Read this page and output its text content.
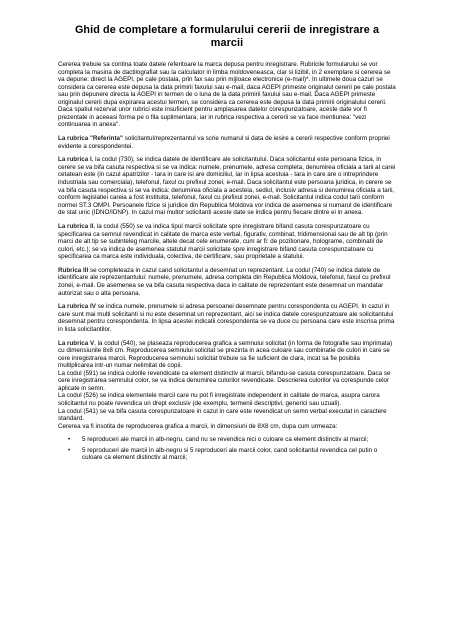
Ghid de completare a formularului cererii de inregistrare a
marcii

Cererea trebuie sa contina toate datele referitoare la marca depusa pentru inregistrare. Rubricile formularului se vor completa la masina de dactilografiat sau la calculator in limba moldoveneasca, clar si lizibil, in 2 exemplare si cererea se va depune: direct la AGEPI, pe cale postala, prin fax sau prin mijloace electronice (e-mail)*. In ultimele doua cazuri se considera ca cererea este depusa la data primirii faxului sau e-mail, daca AGEPI primeste originalul cererii pe cale postala sau prin depunere directa la AGEPI in termen de o luna de la data primirii faxului sau e-mail. Daca AGEPI primeste originalul cererii dupa expirarea acestui termen, se considera ca cererea este depusa la data primirii originalului cererii.
Daca spatiul rezervat unor rubrici este insuficient pentru amplasarea datelor corespunzatoare, aceste date vor fi prezentate in aceeasi forma pe o fila suplimentara, iar in rubrica respectiva a cererii se va face mentiunea: "vezi continuarea in anexa".

La rubrica "Referinta" solicitantul/reprezentantul va scrie numarul si data de iesire a cererii respective conform propriei evidente a corespondentei.

La rubrica I, la codul (730), se indica datele de identificare ale solicitantului. Daca solicitantul este persoana fizica, in cerere se va bifa casuta respectiva si se va indica: numele, prenumele, adresa completa, denumirea oficiala a tarii al carei cetatean este (in cazul apatrizilor - tara in care isi are domiciliul, iar in lipsa acestuia - tara in care are o intreprindere industriala sau comerciala), telefonul, faxul cu prefixul zonei, e-mail. Daca solicitantul este persoana juridica, in cerere se va bifa casuta respectiva si se va indica: denumirea oficiala a acesteia, sediul, inclusiv adresa si denumirea oficiala a tarii, conform legislatiei careia a fost instituita, telefonul, faxul cu prefixul zonei, e-mail. Solicitantul indica codul tarii conform normei ST.3 OMPI. Persoanele fizice si juridice din Republica Moldova vor indica de asemenea si numarul de identificare de stat unic (IDNO/IDNP). In cazul mai multor solicitanti aceste date se indica pentru fiecare dintre ei in anexa.

La rubrica II, la codul (550) se va indica tipul marcii solicitate spre inregistrare bifand casuta corespunzatoare cu specificarea ca semnul revendicat in calitate de marca este verbal, figurativ, combinat, tridimensional sau de alt tip (prin marci de alt tip se subinteleg marcile, altele decat cele enumerate, cum ar fi: de pozitionare, holograme, combinatii de culori, etc.); se va indica de asemenea statutul marcii solicitate spre inregistrare bifand casuta corespunzatoare cu specificarea ca marca este individuala, colectiva, de certificare, sau proprietate a statului.

Rubrica III se completeaza in cazul cand solicitantul a desemnat un reprezentant. La codul (740) se indica datele de identificare ale reprezentantului: numele, prenumele, adresa completa din Republica Moldova, telefonul, faxul cu prefixul zonei, e-mail. De asemenea se va bifa casuta respectiva daca in calitate de reprezentant este desemnat un mandatar autorizat sau o alta persoana.

La rubrica IV se indica numele, prenumele si adresa persoanei desemnate pentru corespondenta cu AGEPI. In cazul in care sunt mai multi solicitanti si nu este desemnat un reprezentant, aici se indica datele corespunzatoare ale solicitantului desemnat pentru corespondenta. In lipsa acestei indicatii corespondenta se va duce cu persoana care este inscrisa prima in lista solicitantilor.

La rubrica V, la codul (540), se plaseaza reproducerea grafica a semnului solicitat (in forma de fotografie sau imprimata) cu dimensiunile 8x8 cm. Reproducerea semnului solicitat se prezinta in acea culoare sau combinatie de culori in care se cere inregistrarea marcii. Reproducerea semnului solicitat trebuie sa fie suficient de clara, incat sa fie posibila multiplicarea intr-un numar nelimitat de copii.
La codul (591) se indica culorile revendicate ca element distinctiv al marcii, bifandu-se casuta corespunzatoare. Daca se cere inregistrarea semnului color, se va indica denumirea culorilor revendicate. Descrierea culorilor va corespunde celor aplicate in semn.
La codul (526) se indica elementele marcii care nu pot fi inregistrate independent in calitate de marca, asupra carora solicitantul nu poate revendica un drept exclusiv (de exemplu, termenii descriptivi, generici sau uzuali).
La codul (541) se va bifa casuta corespunzatoare in cazul in care este revendicat un semn verbal executat in caractere standard.
Cererea va fi insotita de reproducerea grafica a marcii, in dimensiuni de 8X8 cm, dupa cum urmeaza:

• 5 reproduceri ale marcii in alb-negru, cand nu se revendica nici o culoare ca element distinctiv al marcii;
• 5 reproduceri ale marcii in alb-negru si 5 reproduceri ale marcii color, cand solicitantul revendica cel putin o culoare ca element distinctiv al marcii;
